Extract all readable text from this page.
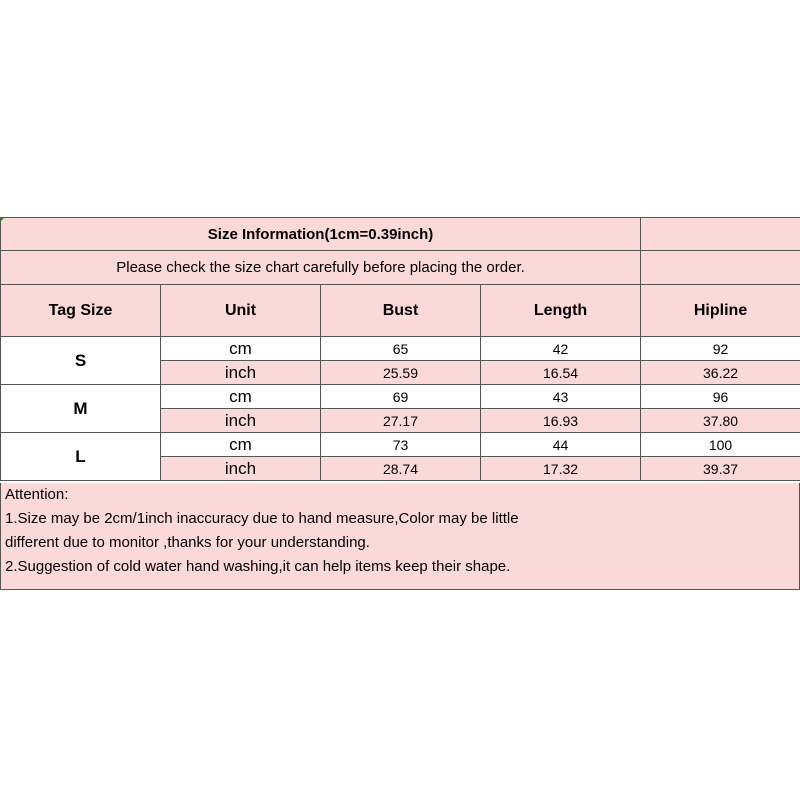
Size Information(1cm=0.39inch)				
Please check the size chart carefully before placing the order.				
Tag Size	Unit	Bust	Length	Hipline
S	cm	65	42	92
	inch	25.59	16.54	36.22
M	cm	69	43	96
	inch	27.17	16.93	37.80
L	cm	73	44	100
	inch	28.74	17.32	39.37
Attention:
1.Size may be 2cm/1inch inaccuracy due to hand measure,Color may be little
different due to monitor ,thanks for your understanding.
2.Suggestion of cold water hand washing,it can help items keep their shape.
